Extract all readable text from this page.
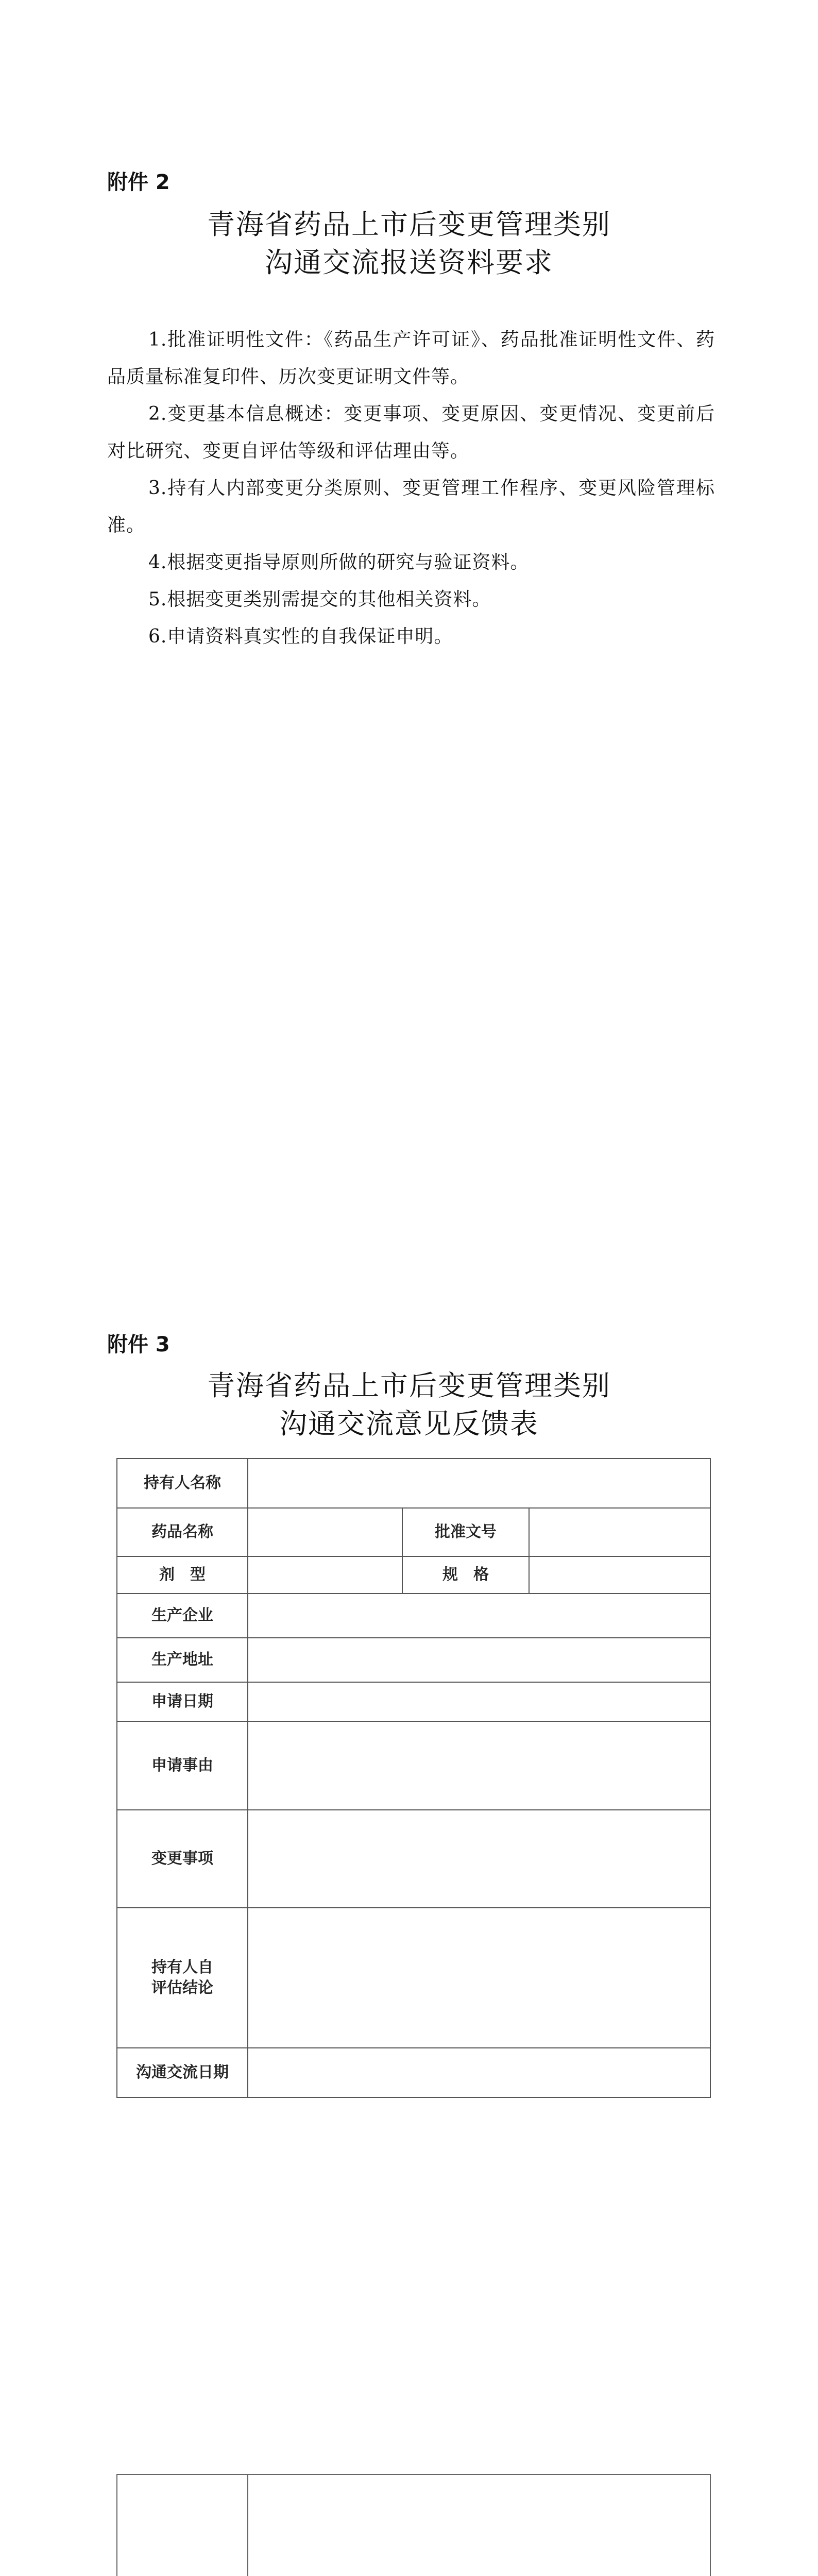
附件 2
青海省药品上市后变更管理类别
沟通交流报送资料要求

1.批准证明性文件：《药品生产许可证》、药品批准证明性文件、药品质量标准复印件、历次变更证明文件等。

2.变更基本信息概述：变更事项、变更原因、变更情况、变更前后对比研究、变更自评估等级和评估理由等。

3.持有人内部变更分类原则、变更管理工作程序、变更风险管理标准。

4.根据变更指导原则所做的研究与验证资料。

5.根据变更类别需提交的其他相关资料。

6.申请资料真实性的自我保证申明。

附件 3
青海省药品上市后变更管理类别
沟通交流意见反馈表
持有人名称			
药品名称		批准文号	
剂　型		规　格	
生产企业			
生产地址			
申请日期			
申请事由			
变更事项			

持有人自
评估结论			

沟通交流日期			
